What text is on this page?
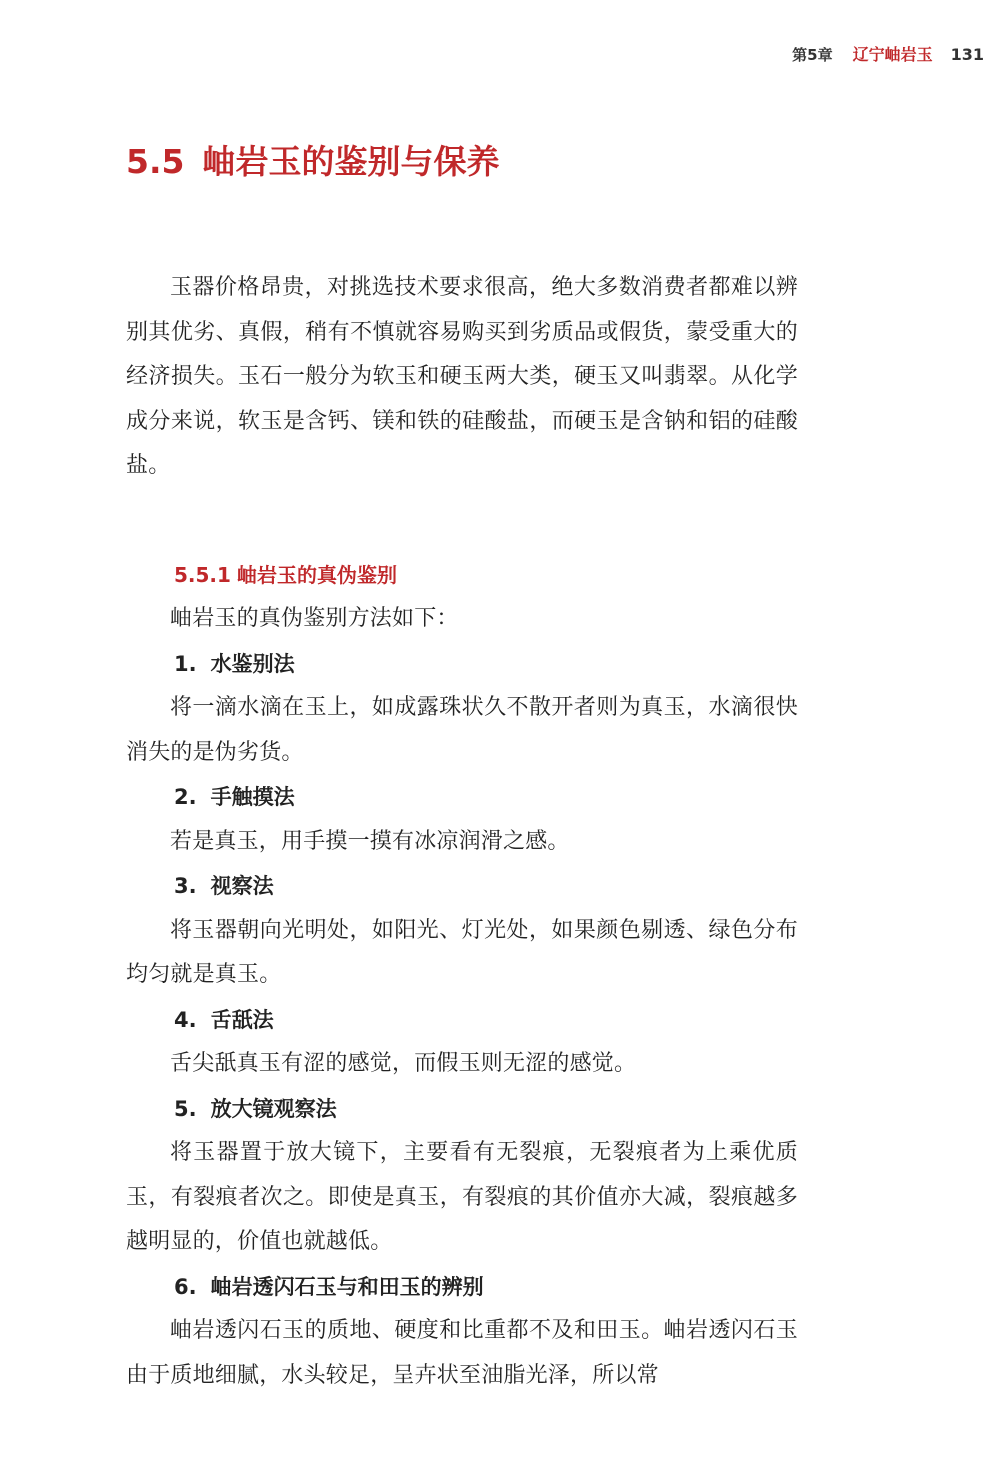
第5章 辽宁岫岩玉 131
5.5 岫岩玉的鉴别与保养

玉器价格昂贵，对挑选技术要求很高，绝大多数消费者都难以辨别其优劣、真假，稍有不慎就容易购买到劣质品或假货，蒙受重大的经济损失。玉石一般分为软玉和硬玉两大类，硬玉又叫翡翠。从化学成分来说，软玉是含钙、镁和铁的硅酸盐，而硬玉是含钠和铝的硅酸盐。

5.5.1 岫岩玉的真伪鉴别

岫岩玉的真伪鉴别方法如下：

1. 水鉴别法

将一滴水滴在玉上，如成露珠状久不散开者则为真玉，水滴很快消失的是伪劣货。

2. 手触摸法

若是真玉，用手摸一摸有冰凉润滑之感。

3. 视察法

将玉器朝向光明处，如阳光、灯光处，如果颜色剔透、绿色分布均匀就是真玉。

4. 舌舐法

舌尖舐真玉有涩的感觉，而假玉则无涩的感觉。

5. 放大镜观察法

将玉器置于放大镜下，主要看有无裂痕，无裂痕者为上乘优质玉，有裂痕者次之。即使是真玉，有裂痕的其价值亦大减，裂痕越多越明显的，价值也就越低。

6. 岫岩透闪石玉与和田玉的辨别

岫岩透闪石玉的质地、硬度和比重都不及和田玉。岫岩透闪石玉由于质地细腻，水头较足，呈卉状至油脂光泽，所以常
